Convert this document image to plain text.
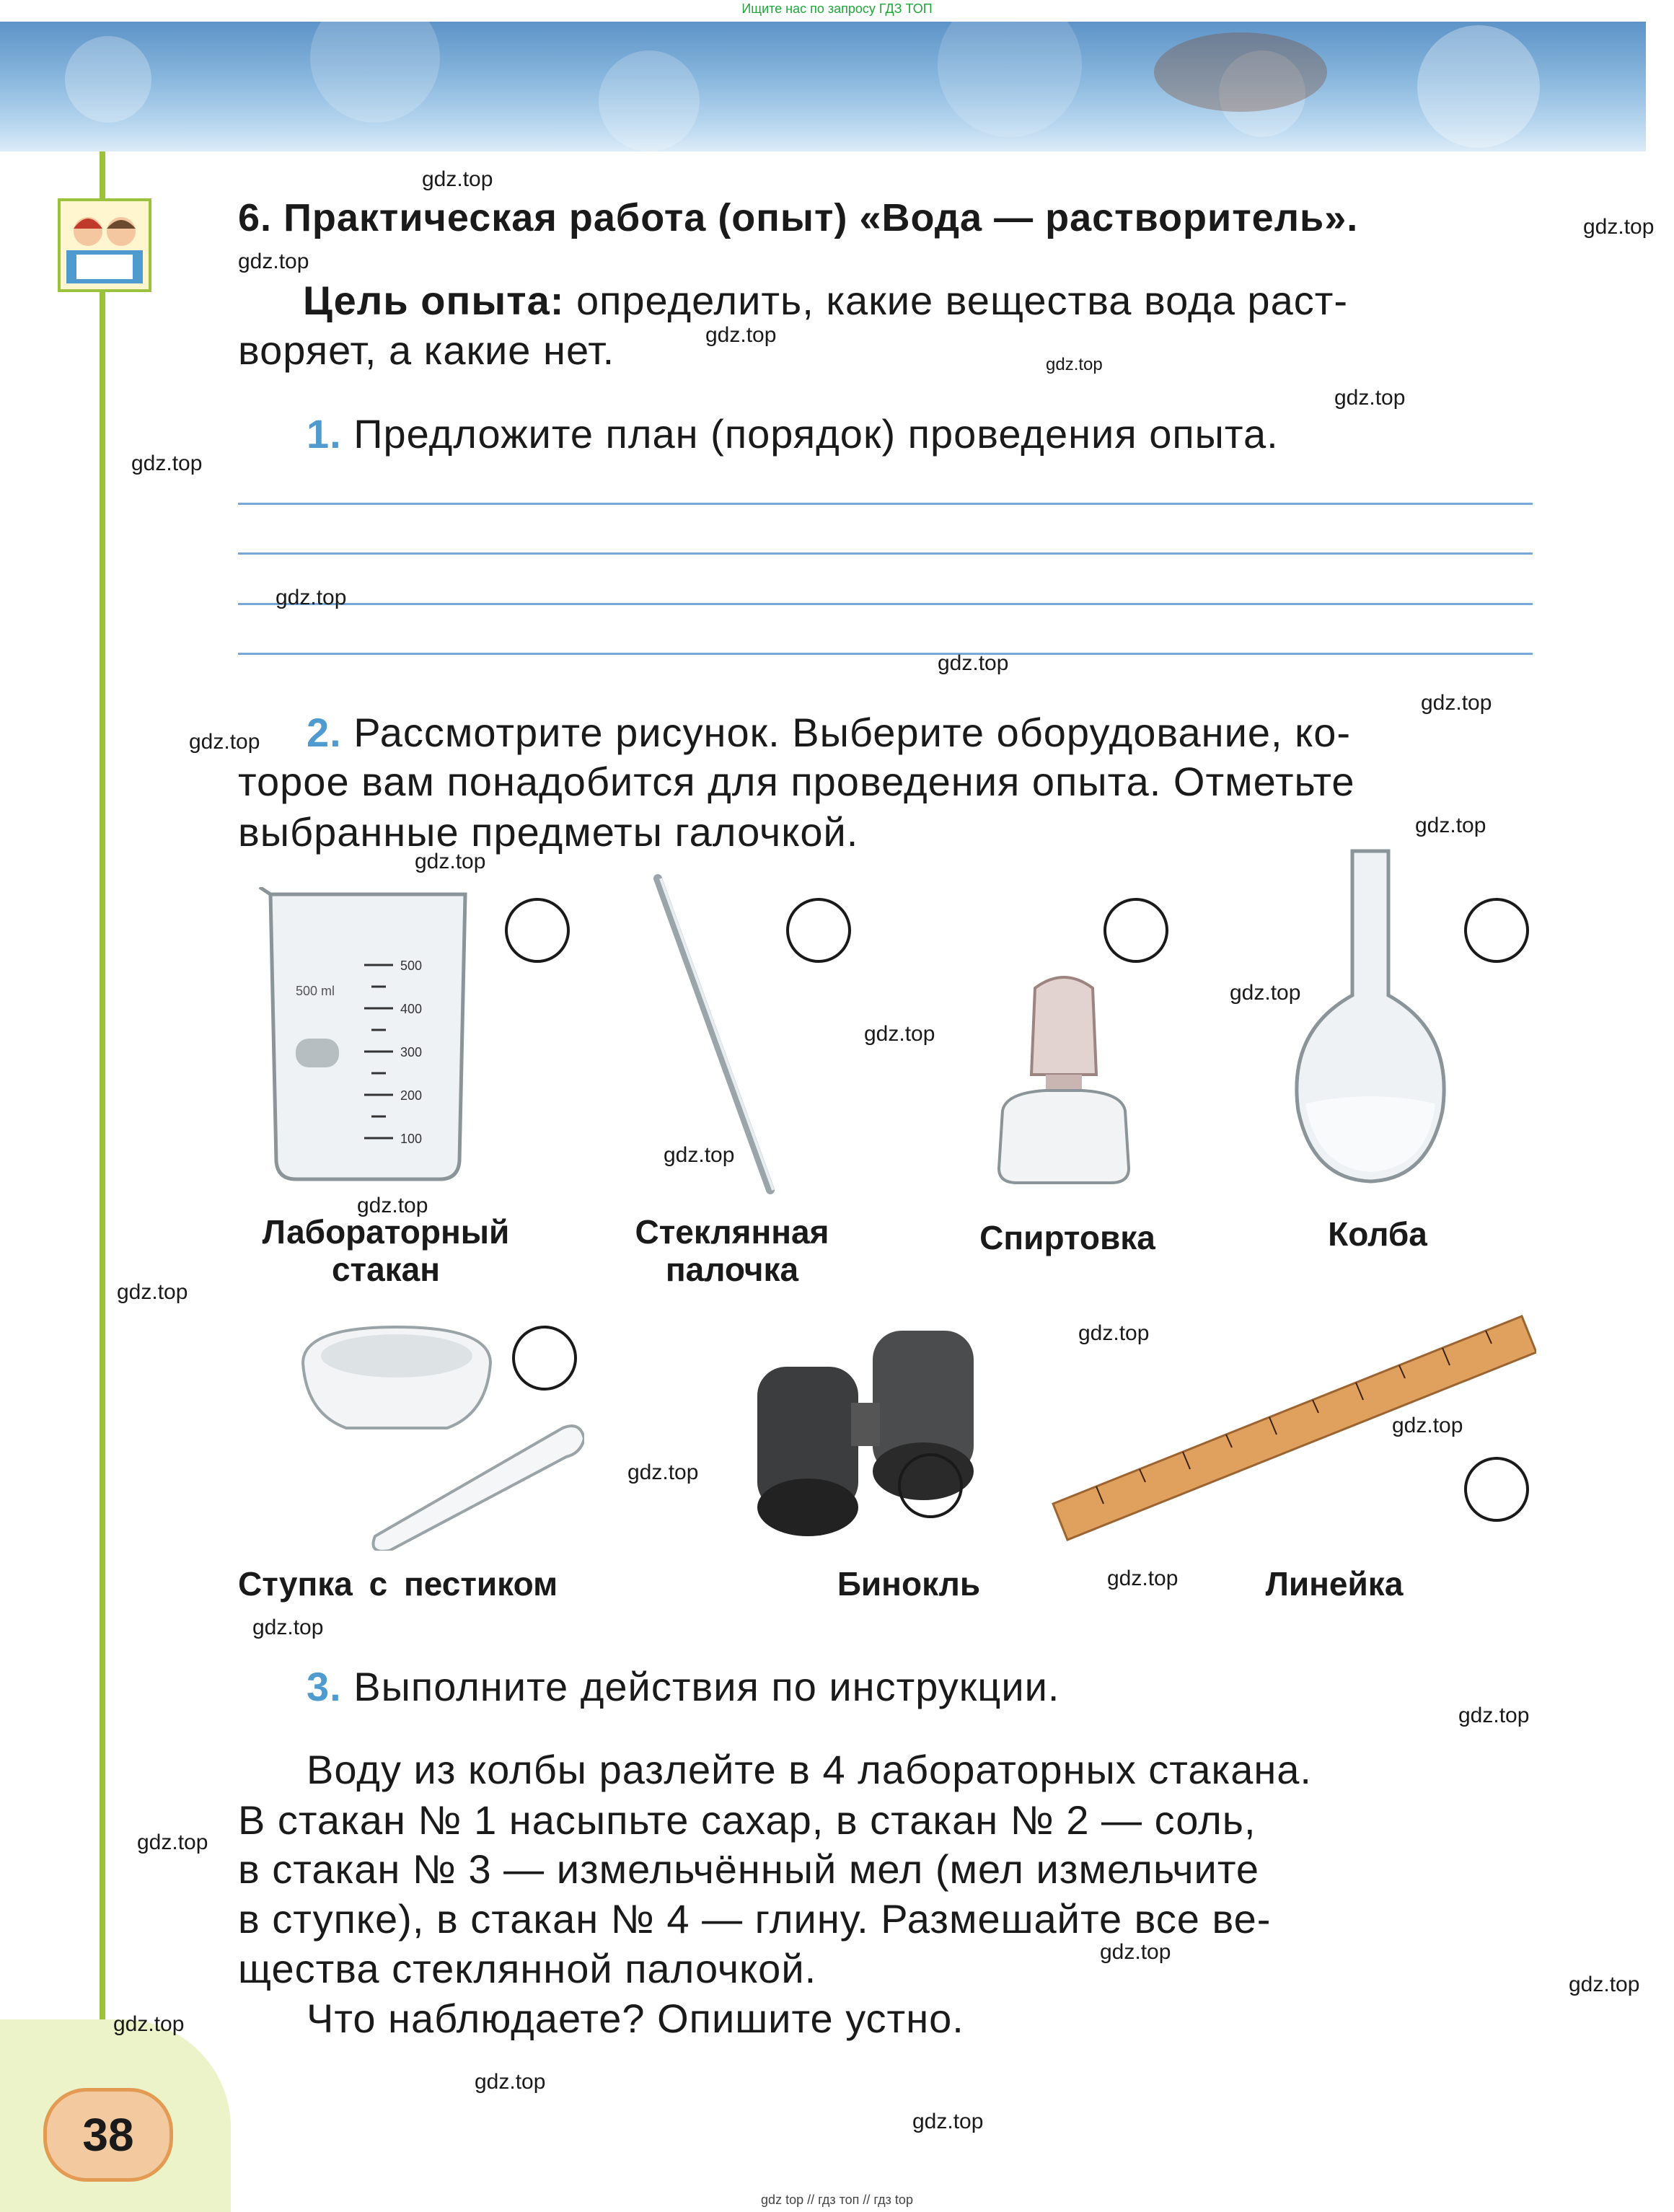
Ищите нас по запросу ГДЗ ТОП
6. Практическая работа (опыт) «Вода — растворитель».
Цель опыта: определить, какие вещества вода раст-
воряет, а какие нет.
1. Предложите план (порядок) проведения опыта.
2. Рассмотрите рисунок. Выберите оборудование, ко-
торое вам понадобится для проведения опыта. Отметьте
выбранные предметы галочкой.
500 ml
500
400
300
200
100
Лабораторный
стакан
Стеклянная
палочка
Спиртовка	Колба
Ступка с пестиком	Бинокль	Линейка
3. Выполните действия по инструкции.
Воду из колбы разлейте в 4 лабораторных стакана.
В стакан № 1 насыпьте сахар, в стакан № 2 — соль,
в стакан № 3 — измельчённый мел (мел измельчите
в ступке), в стакан № 4 — глину. Размешайте все ве-
щества стеклянной палочкой.
Что наблюдаете? Опишите устно.
38
gdz.top
gdz.top
gdz.top
gdz.top
gdz.top
gdz.top
gdz.top
gdz.top
gdz.top
gdz.top
gdz.top
gdz.top
gdz.top
gdz.top
gdz.top
gdz.top
gdz.top
gdz.top
gdz.top
gdz.top
gdz.top
gdz.top
gdz.top
gdz.top
gdz.top
gdz.top
gdz.top
gdz.top
gdz.top
gdz.top
gdz top // гдз топ // гдз top
